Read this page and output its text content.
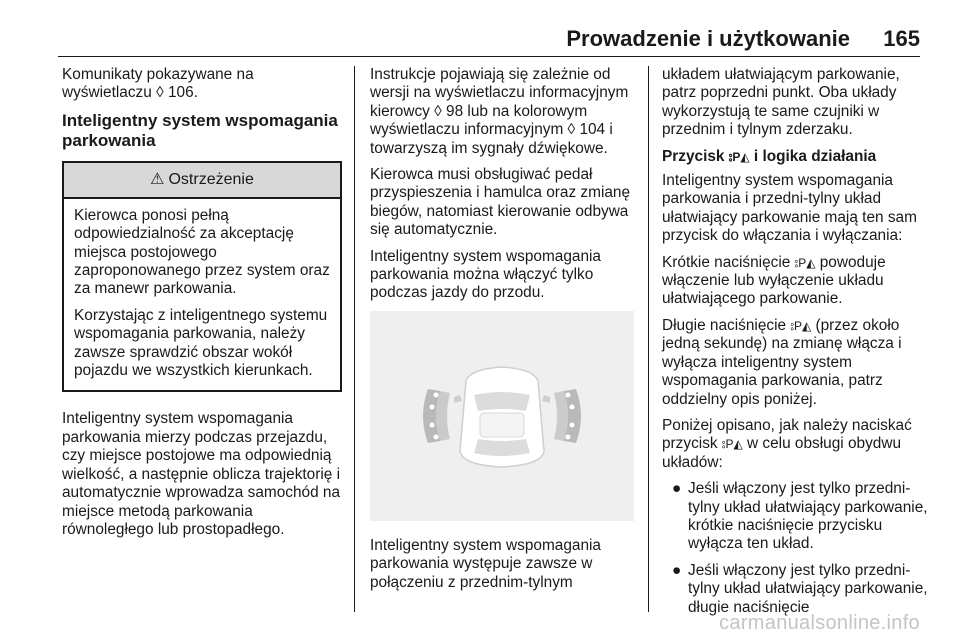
Prowadzenie i użytkowanie 165

Komunikaty pokazywane na wyświetlaczu ◊ 106.

Inteligentny system wspomagania parkowania
⚠ Ostrzeżenie

Kierowca ponosi pełną odpowiedzialność za akceptację miejsca postojowego zaproponowanego przez system oraz za manewr parkowania.

Korzystając z inteligentnego systemu wspomagania parkowania, należy zawsze sprawdzić obszar wokół pojazdu we wszystkich kierunkach.

Inteligentny system wspomagania parkowania mierzy podczas przejazdu, czy miejsce postojowe ma odpowiednią wielkość, a następnie oblicza trajektorię i automatycznie wprowadza samochód na miejsce metodą parkowania równoległego lub prostopadłego.

Instrukcje pojawiają się zależnie od wersji na wyświetlaczu informacyjnym kierowcy ◊ 98 lub na kolorowym wyświetlaczu informacyjnym ◊ 104 i towarzyszą im sygnały dźwiękowe.

Kierowca musi obsługiwać pedał przyspieszenia i hamulca oraz zmianę biegów, natomiast kierowanie odbywa się automatycznie.

Inteligentny system wspomagania parkowania można włączyć tylko podczas jazdy do przodu.

Inteligentny system wspomagania parkowania występuje zawsze w połączeniu z przednim-tylnym

układem ułatwiającym parkowanie, patrz poprzedni punkt. Oba układy wykorzystują te same czujniki w przednim i tylnym zderzaku.

Przycisk ⦂P◭ i logika działania

Inteligentny system wspomagania parkowania i przedni-tylny układ ułatwiający parkowanie mają ten sam przycisk do włączania i wyłączania:

Krótkie naciśnięcie ⦂P◭ powoduje włączenie lub wyłączenie układu ułatwiającego parkowanie.

Długie naciśnięcie ⦂P◭ (przez około jedną sekundę) na zmianę włącza i wyłącza inteligentny system wspomagania parkowania, patrz oddzielny opis poniżej.

Poniżej opisano, jak należy naciskać przycisk ⦂P◭ w celu obsługi obydwu układów:

● Jeśli włączony jest tylko przedni-tylny układ ułatwiający parkowanie, krótkie naciśnięcie przycisku wyłącza ten układ.
● Jeśli włączony jest tylko przedni-tylny układ ułatwiający parkowanie, długie naciśnięcie
carmanualsonline.info
